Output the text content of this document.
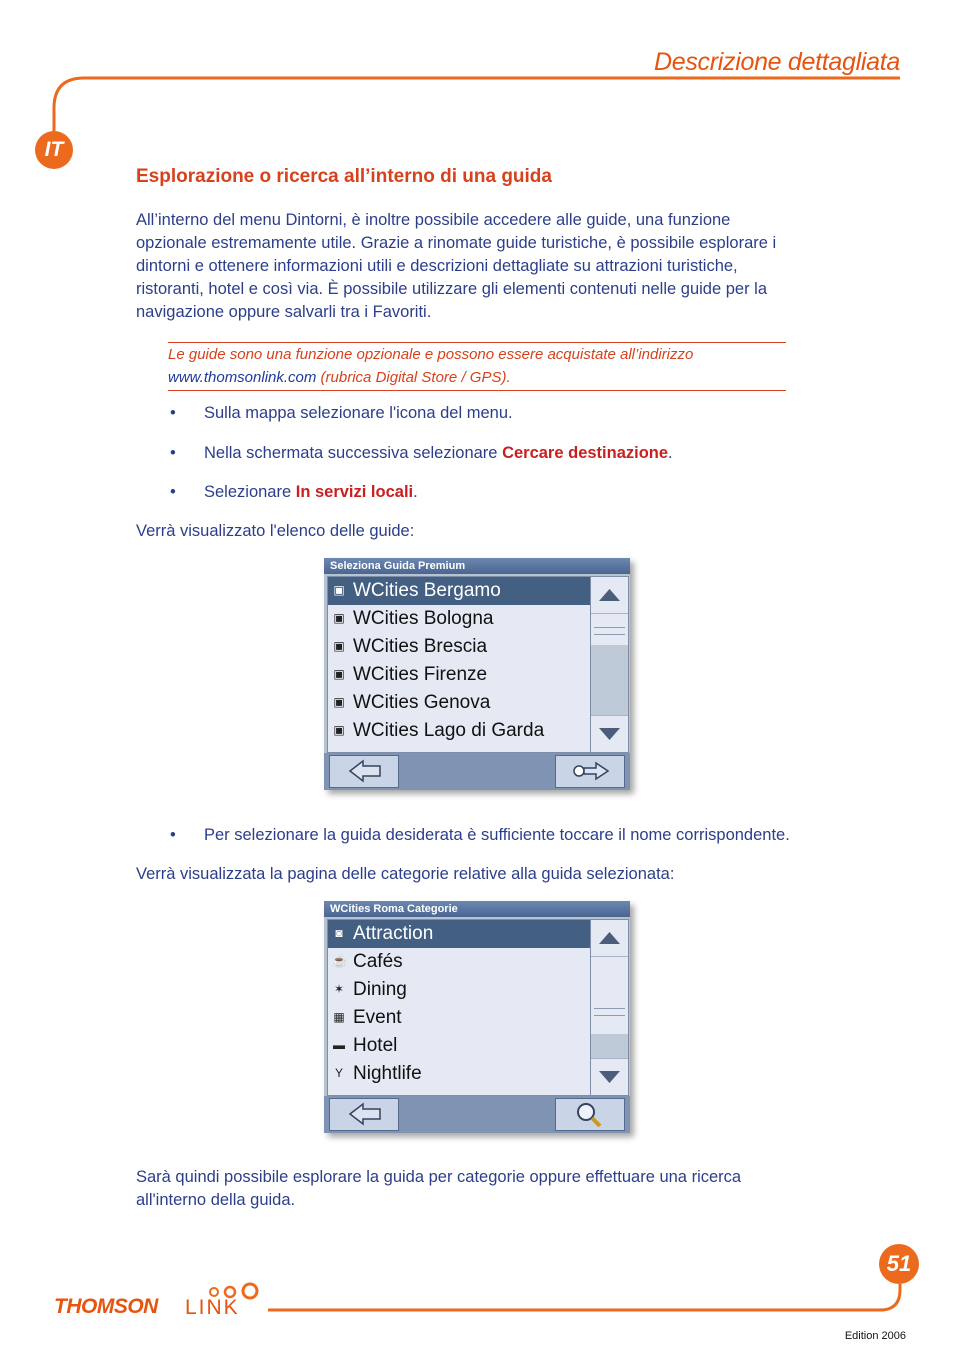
Descrizione dettagliata
IT
Esplorazione o ricerca all’interno di una guida
All’interno del menu Dintorni, è inoltre possibile accedere alle guide, una funzione opzionale estremamente utile. Grazie a rinomate guide turistiche, è possibile esplorare i dintorni e ottenere informazioni utili e descrizioni dettagliate su attrazioni turistiche, ristoranti, hotel e così via. È possibile utilizzare gli elementi contenuti nelle guide per la navigazione oppure salvarli tra i Favoriti.
Le guide sono una funzione opzionale e possono essere acquistate all’indirizzo
www.thomsonlink.com (rubrica Digital Store / GPS).
• Sulla mappa selezionare l'icona del menu.
• Nella schermata successiva selezionare Cercare destinazione.
• Selezionare In servizi locali.
Verrà visualizzato l'elenco delle guide:
Seleziona Guida Premium
▣ WCities Bergamo
▣ WCities Bologna
▣ WCities Brescia
▣ WCities Firenze
▣ WCities Genova
▣ WCities Lago di Garda
• Per selezionare la guida desiderata è sufficiente toccare il nome corrispondente.
Verrà visualizzata la pagina delle categorie relative alla guida selezionata:
WCities Roma Categorie
◙ Attraction
☕ Cafés
✶ Dining
▦ Event
▬ Hotel
Y Nightlife
Sarà quindi possibile esplorare la guida per categorie oppure effettuare una ricerca all'interno della guida.
51
THOMSON LINK
Edition 2006
